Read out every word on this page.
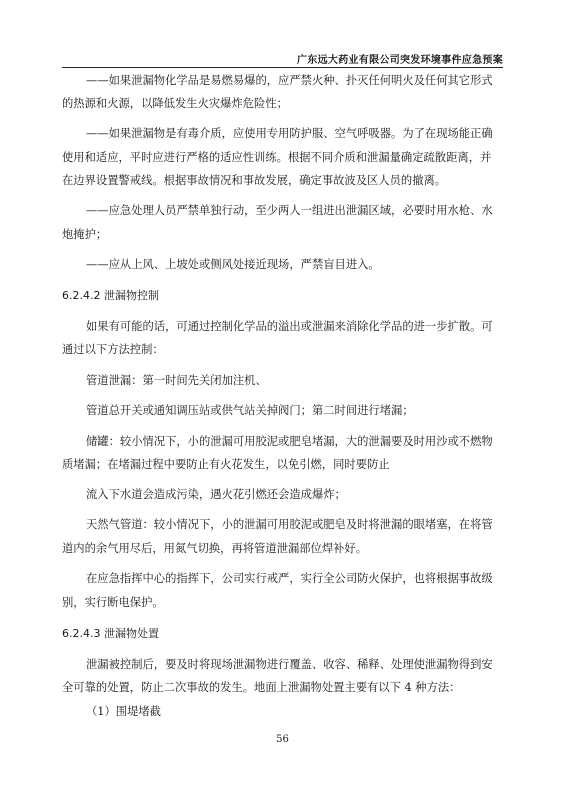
广东远大药业有限公司突发环境事件应急预案
——如果泄漏物化学品是易燃易爆的，应严禁火种、扑灭任何明火及任何其它形式
的热源和火源，以降低发生火灾爆炸危险性；
——如果泄漏物是有毒介质，应使用专用防护服、空气呼吸器。为了在现场能正确
使用和适应，平时应进行严格的适应性训练。根据不同介质和泄漏量确定疏散距离，并
在边界设置警戒线。根据事故情况和事故发展，确定事故波及区人员的撤离。
——应急处理人员严禁单独行动，至少两人一组进出泄漏区域，必要时用水枪、水
炮掩护；
——应从上风、上坡处或侧风处接近现场，严禁盲目进入。
6.2.4.2 泄漏物控制
如果有可能的话，可通过控制化学品的溢出或泄漏来消除化学品的进一步扩散。可
通过以下方法控制：
管道泄漏：第一时间先关闭加注机、
管道总开关或通知调压站或供气站关掉阀门；第二时间进行堵漏；
储罐：较小情况下，小的泄漏可用胶泥或肥皂堵漏，大的泄漏要及时用沙或不燃物
质堵漏；在堵漏过程中要防止有火花发生，以免引燃，同时要防止
流入下水道会造成污染，遇火花引燃还会造成爆炸；
天然气管道：较小情况下，小的泄漏可用胶泥或肥皂及时将泄漏的眼堵塞，在将管
道内的余气用尽后，用氮气切换，再将管道泄漏部位焊补好。
在应急指挥中心的指挥下，公司实行戒严，实行全公司防火保护，也将根据事故级
别，实行断电保护。
6.2.4.3 泄漏物处置
泄漏被控制后，要及时将现场泄漏物进行覆盖、收容、稀释、处理使泄漏物得到安
全可靠的处置，防止二次事故的发生。地面上泄漏物处置主要有以下 4 种方法：
（1）围堤堵截
56
